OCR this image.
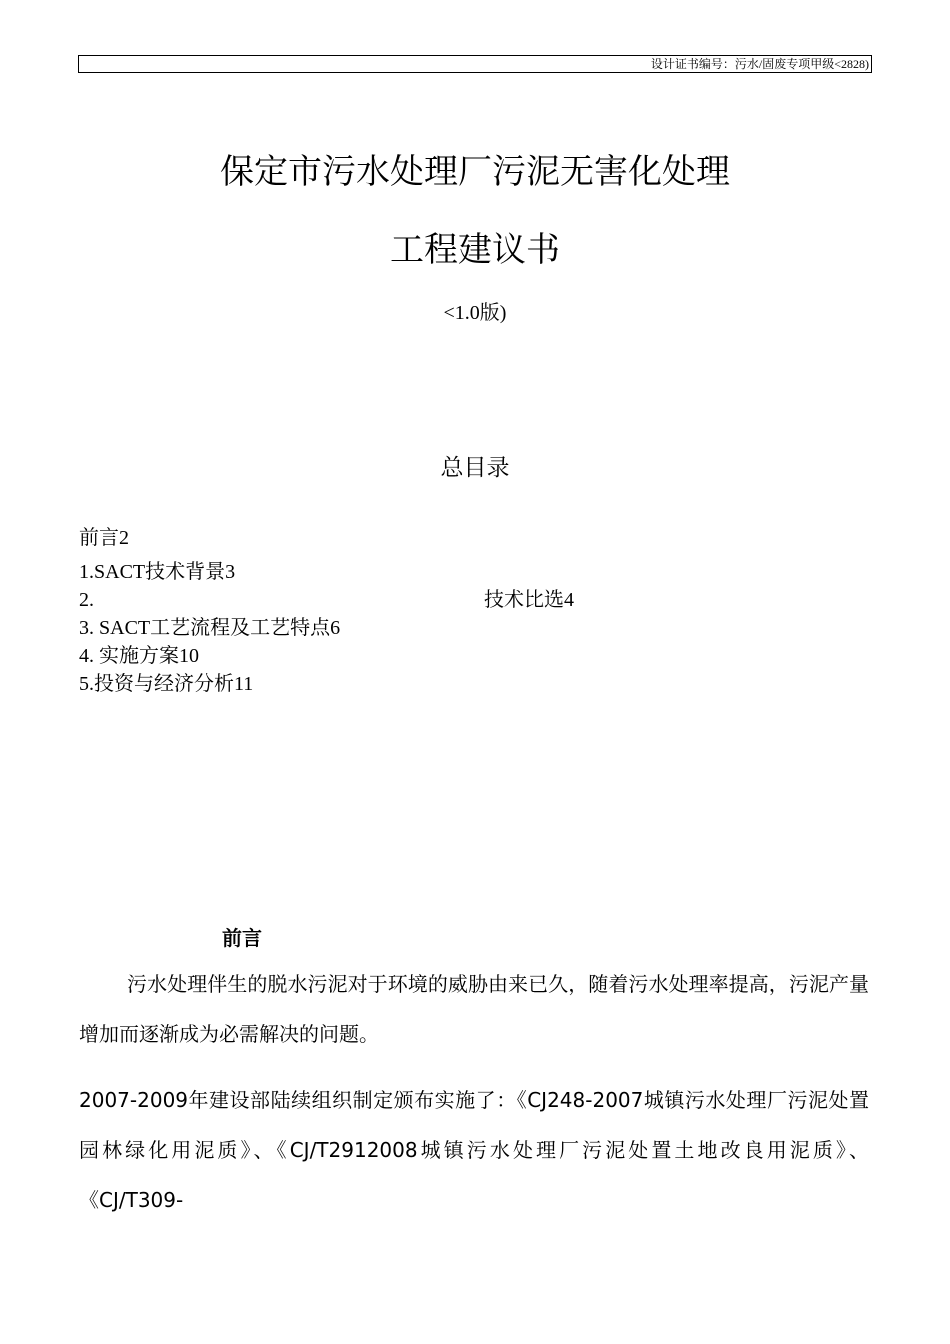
设计证书编号：污水/固废专项甲级<2828)
保定市污水处理厂污泥无害化处理
工程建议书
<1.0版)
总目录
前言2
1.SACT技术背景3
2.	技术比选4
3. SACT工艺流程及工艺特点6
4. 实施方案10
5.投资与经济分析11
前言
污水处理伴生的脱水污泥对于环境的威胁由来已久，随着污水处理率提高，污泥产量增加而逐渐成为必需解决的问题。
2007-2009年建设部陆续组织制定颁布实施了：《CJ248-2007城镇污水处理厂污泥处置园林绿化用泥质》、《CJ/T2912008城镇污水处理厂污泥处置土地改良用泥质》、《CJ/T309-
